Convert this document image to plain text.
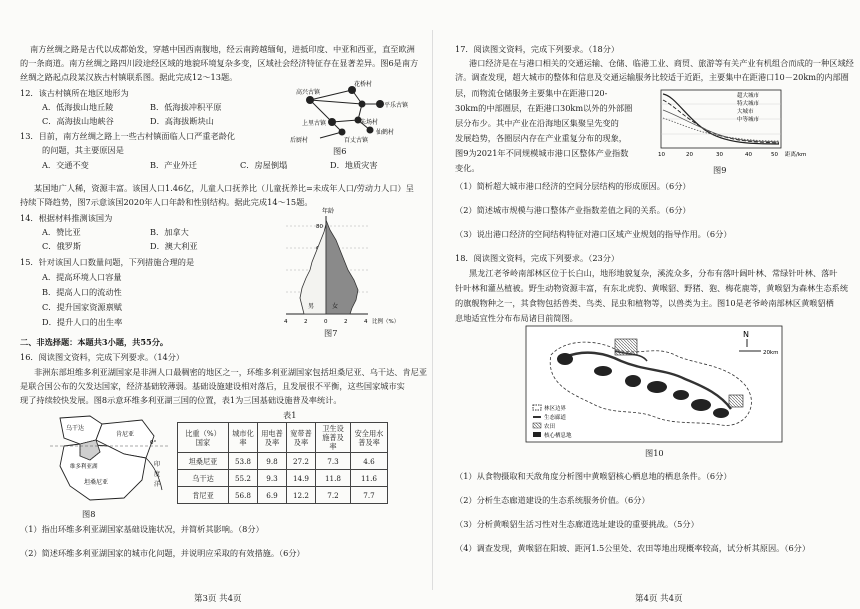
南方丝绸之路是古代以成都始发，穿越中国西南腹地，经云南跨越缅甸，进抵印度、中亚和西亚，直至欧洲
的一条商道。南方丝绸之路四川段途经区域的地貌环境复杂多变，区域社会经济特征存在显著差异。图6是南方
丝绸之路起点段某汉族古村镇联系图。据此完成12～13题。
12．该古村镇所在地区地形为
A．低海拔山地丘陵	B．低海拔冲积平原
C．高海拔山地峡谷	D．高海拔断块山
13．目前，南方丝绸之路上一些古村镇面临人口严重老龄化
的问题，其主要原因是
A．交通不变	B．产业外迁	C．房屋倒塌	D．地质灾害
高兴古镇
花桥村
平乐古镇
上里古镇	朱场村
仙鹤村
百丈古镇
后厨村
图6
某国地广人稀，资源丰富。该国人口1.46亿，儿童人口抚养比（儿童抚养比=未成年人口/劳动力人口）呈
持续下降趋势，图7示意该国2020年人口年龄和性别结构。据此完成14～15题。
14．根据材料推测该国为
A．赞比亚	B．加拿大
C．俄罗斯	D．澳大利亚
15．针对该国人口数量问题，下列措施合理的是
A．提高环境人口容量
B．提高人口的流动性
C．提升国家资源禀赋
D．提升人口的出生率
年龄
80
男	女
4	2	0	2	4 比例（%）
图7
二、非选择题：本题共3小题，共55分。
16．阅读图文资料，完成下列要求。（14分）
非洲东部坦维多利亚湖国家是非洲人口最稠密的地区之一，环维多利亚湖国家包括坦桑尼亚、乌干达、肯尼亚
是联合国公布的欠发达国家，经济基础较薄弱。基础设施建设相对落后，且发展很不平衡，这些国家城市实
现了持续较快发展。图8示意环维多利亚湖三国的位置，表1为三国基础设施普及率统计。
乌干达
肯尼亚
维多利亚湖
坦桑尼亚
印
度
洋
0°
图8
表1
比重（%） 国家	城市化率	用电普及率	宽带普及率	卫生设施普及率	安全用水普及率
坦桑尼亚	53.8	9.8	27.2	7.3	4.6
乌干达	55.2	9.3	14.9	11.8	11.6
肯尼亚	56.8	6.9	12.2	7.2	7.7
（1）指出环维多利亚湖国家基础设施状况，并简析其影响。（8分）
（2）简述环维多利亚湖国家的城市化问题，并说明应采取的有效措施。（6分）
第3页 共4页
17．阅读图文资料，完成下列要求。（18分）
港口经济是在与港口相关的交通运输、仓储、临港工业、商贸、旅游等有关产业有机组合而成的一种区域经
济。调查发现，超大城市的整体和信息及交通运输服务比较适于近距，主要集中在距港口10－20km的内部圈
层，而物流仓储服务主要集中在距港口20-
30km的中部圈层，在距港口30km以外的外部圈
层分布少。其中产业在沿海地区集聚呈先变的
发展趋势，各圈层内存在产业重复分布的现象，
图9为2021年不同规模城市港口区整体产业指数
变化。
超大城市
特大城市
大城市
中等城市
10	20	30	40	50 距离/km
图9
（1）简析超大城市港口经济的空间分层结构的形成原因。（6分）
（2）简述城市规模与港口整体产业指数差值之间的关系。（6分）
（3）说出港口经济的空间结构特征对港口区域产业规划的指导作用。（6分）
18．阅读图文资料，完成下列要求。（23分）
黑龙江老爷岭南部林区位于长白山，地形地貌复杂，溪流众多，分布有落叶阔叶林、常绿针叶林、落叶
针叶林和灌丛植被。野生动物资源丰富，有东北虎豹、黄喉貂、野猪、狍、梅花鹿等，黄喉貂为森林生态系统
的旗舰物种之一，其食物包括兽类、鸟类、昆虫和植物等，以兽类为主。图10是老爷岭南部林区黄喉貂栖
息地适宜性分布布局诸目前简图。
N
20km
林区边界
生态廊道
农田
核心栖息地
图10
（1）从食物摄取和天敌角度分析图中黄喉貂核心栖息地的栖息条件。（6分）
（2）分析生态廊道建设的生态系统服务价值。（6分）
（3）分析黄喉貂生活习性对生态廊道选址建设的重要挑战。（5分）
（4）调查发现，黄喉貂在阳坡、距河1.5公里处、农田等地出现概率较高，试分析其原因。（6分）
第4页 共4页
